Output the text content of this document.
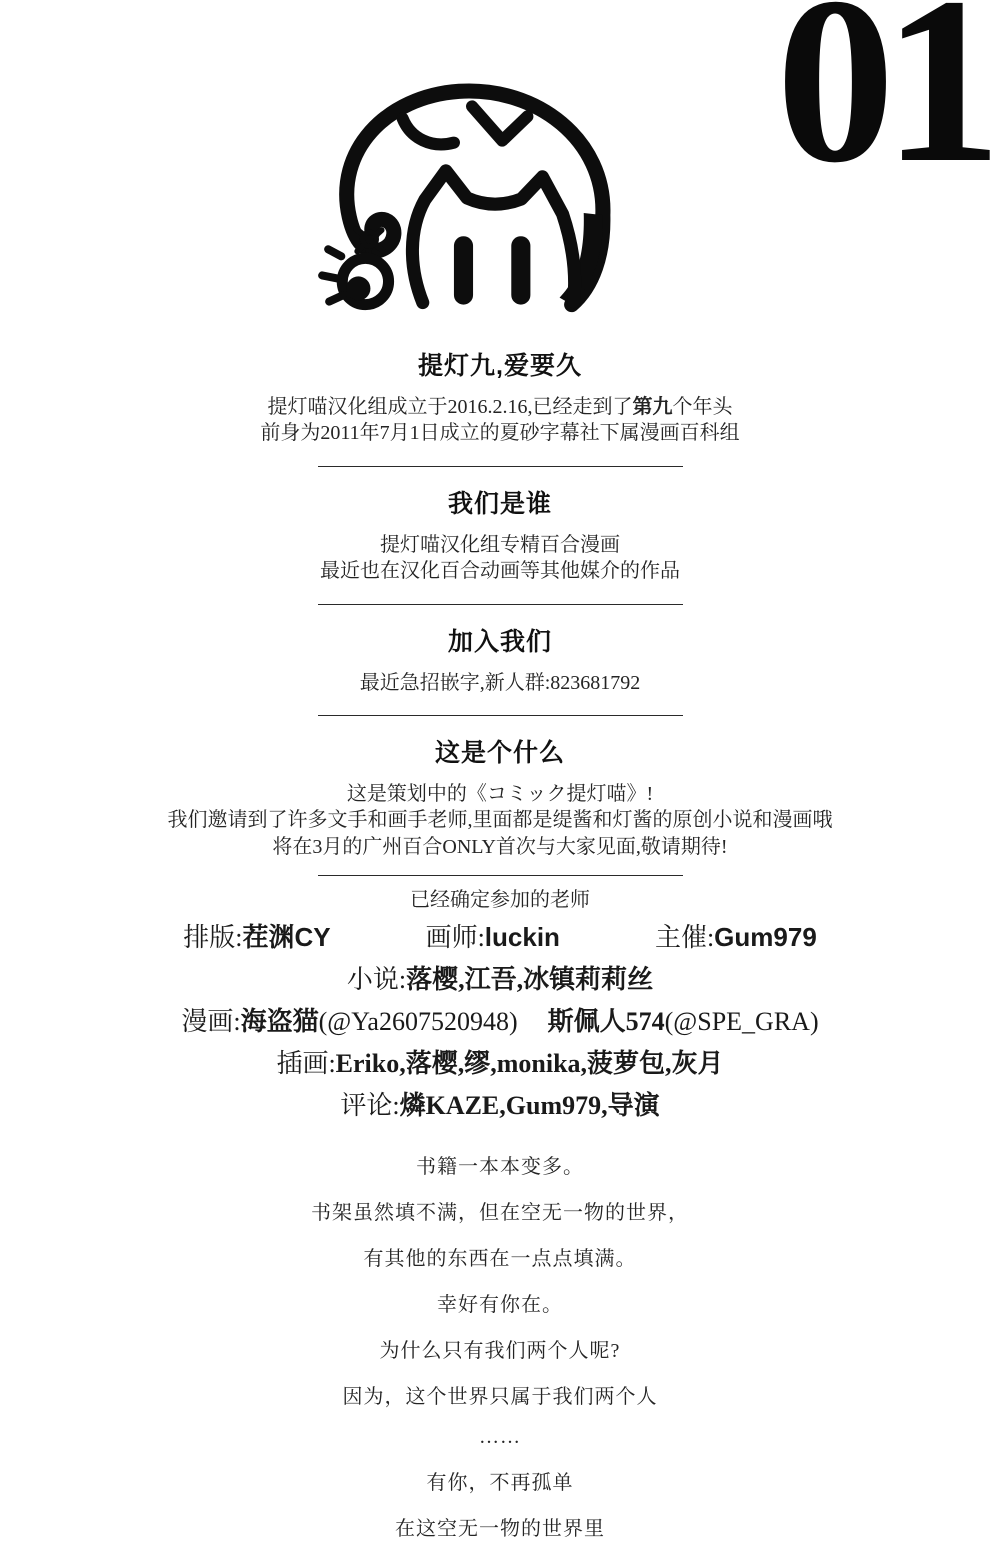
01
提灯九,爱要久

提灯喵汉化组成立于2016.2.16,已经走到了第九个年头

前身为2011年7月1日成立的夏砂字幕社下属漫画百科组

我们是谁

提灯喵汉化组专精百合漫画

最近也在汉化百合动画等其他媒介的作品

加入我们

最近急招嵌字,新人群:823681792

这是个什么

这是策划中的《コミック提灯喵》!

我们邀请到了许多文手和画手老师,里面都是缇酱和灯酱的原创小说和漫画哦

将在3月的广州百合ONLY首次与大家见面,敬请期待!

已经确定参加的老师

排版:茬渊CY	画师:luckin	主催:Gum979
小说:落樱,江吾,冰镇莉莉丝
漫画:海盗猫(@Ya2607520948) 斯佩人574(@SPE_GRA)
插画:Eriko,落樱,缪,monika,菠萝包,灰月
评论:燐KAZE,Gum979,导演

书籍一本本变多。

书架虽然填不满，但在空无一物的世界，

有其他的东西在一点点填满。

幸好有你在。

为什么只有我们两个人呢?

因为，这个世界只属于我们两个人

……

有你，不再孤单

在这空无一物的世界里
